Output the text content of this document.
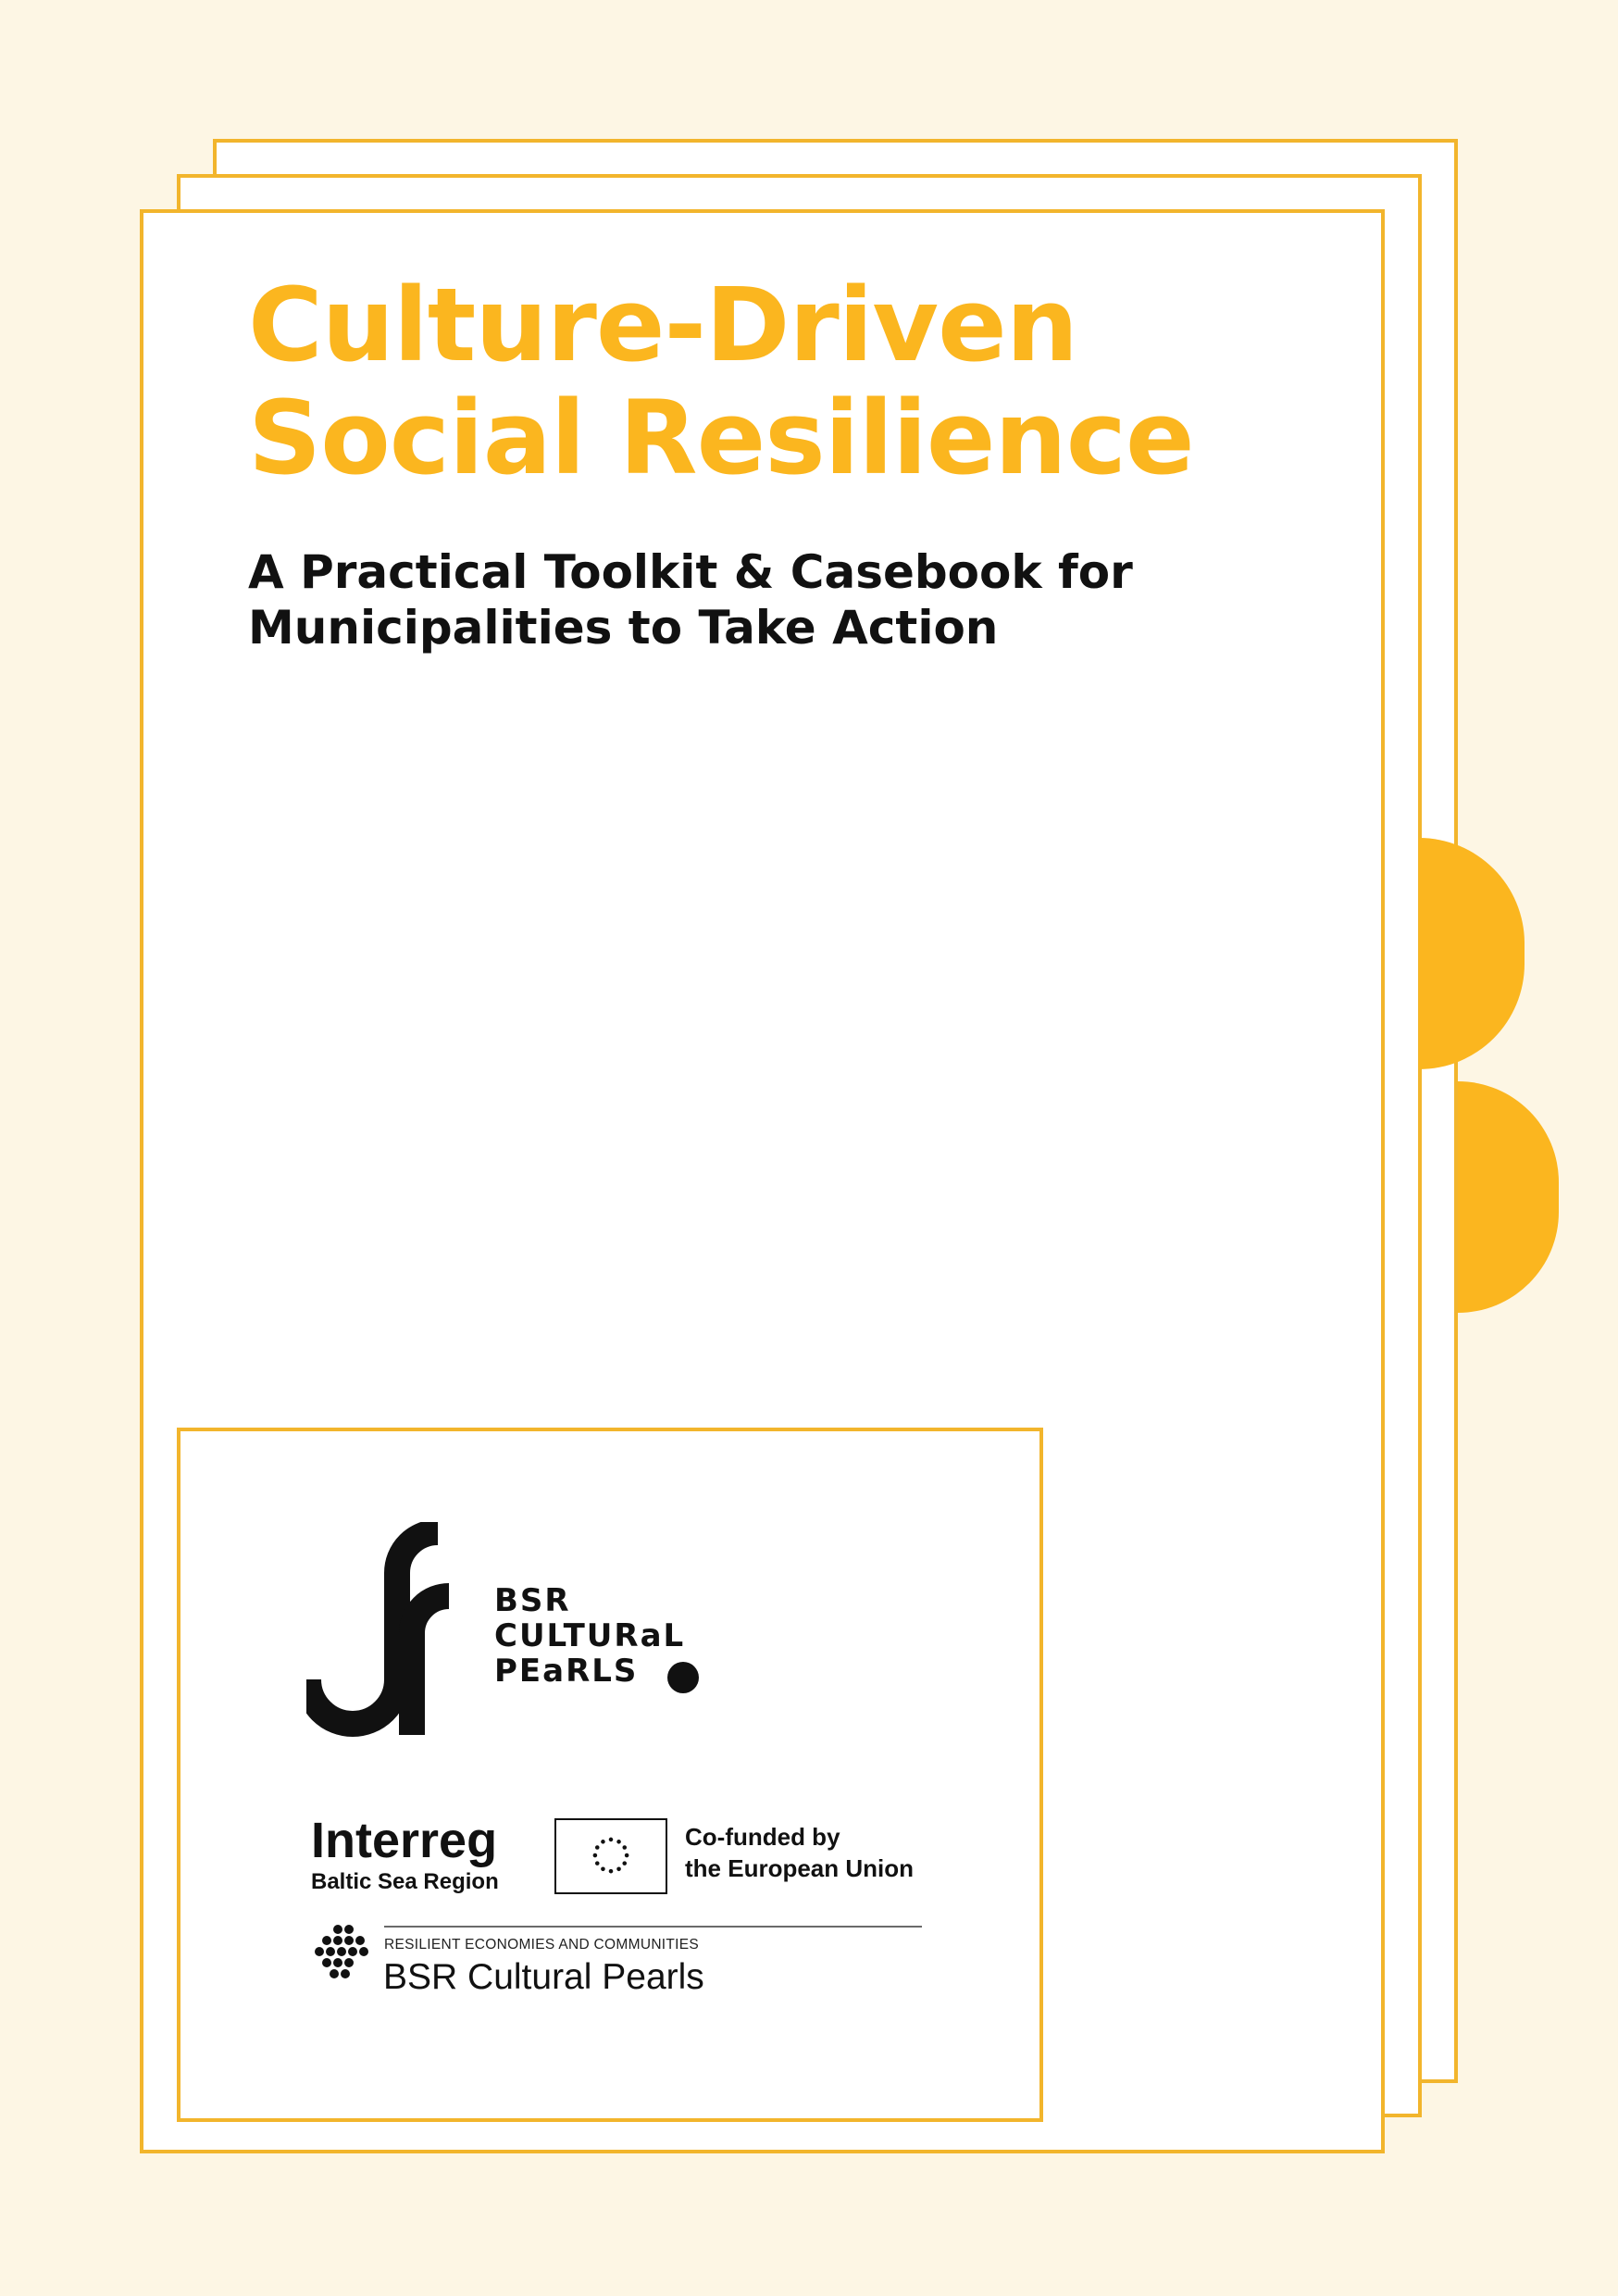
Culture-Driven
Social Resilience
A Practical Toolkit & Casebook for
Municipalities to Take Action
BSR
CULTURaL
PEaRLS
Interreg
Baltic Sea Region
Co-funded by
the European Union
RESILIENT ECONOMIES AND COMMUNITIES
BSR Cultural Pearls
